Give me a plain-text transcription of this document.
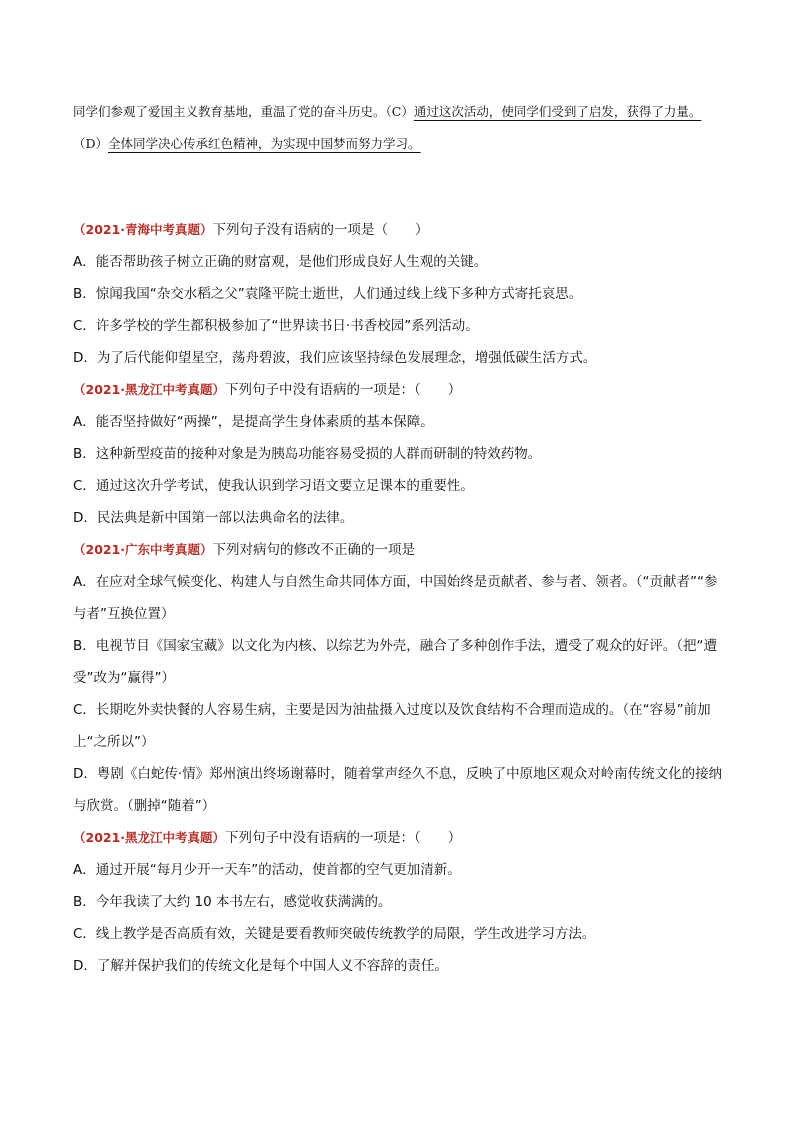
同学们参观了爱国主义教育基地，重温了党的奋斗历史。（C）通过这次活动，使同学们受到了启发，获得了力量。（D）全体同学决心传承红色精神，为实现中国梦而努力学习。

（2021·青海中考真题）下列句子没有语病的一项是（　　）

A．能否帮助孩子树立正确的财富观，是他们形成良好人生观的关键。

B．惊闻我国“杂交水稻之父”袁隆平院士逝世，人们通过线上线下多种方式寄托哀思。

C．许多学校的学生都积极参加了“世界读书日·书香校园”系列活动。

D．为了后代能仰望星空，荡舟碧波，我们应该坚持绿色发展理念，增强低碳生活方式。

（2021·黑龙江中考真题）下列句子中没有语病的一项是：（　　）

A．能否坚持做好“两操”，是提高学生身体素质的基本保障。

B．这种新型疫苗的接种对象是为胰岛功能容易受损的人群而研制的特效药物。

C．通过这次升学考试，使我认识到学习语文要立足课本的重要性。

D．民法典是新中国第一部以法典命名的法律。

（2021·广东中考真题）下列对病句的修改不正确的一项是

A．在应对全球气候变化、构建人与自然生命共同体方面，中国始终是贡献者、参与者、领者。（“贡献者”“参与者”互换位置）

B．电视节目《国家宝藏》以文化为内核、以综艺为外壳，融合了多种创作手法，遭受了观众的好评。（把“遭受”改为“赢得”）

C．长期吃外卖快餐的人容易生病，主要是因为油盐摄入过度以及饮食结构不合理而造成的。（在“容易”前加上“之所以”）

D．粤剧《白蛇传·情》郑州演出终场谢幕时，随着掌声经久不息，反映了中原地区观众对岭南传统文化的接纳与欣赏。（删掉“随着”）

（2021·黑龙江中考真题）下列句子中没有语病的一项是：（　　）

A．通过开展“每月少开一天车”的活动，使首都的空气更加清新。

B．今年我读了大约 10 本书左右，感觉收获满满的。

C．线上教学是否高质有效，关键是要看教师突破传统教学的局限，学生改进学习方法。

D．了解并保护我们的传统文化是每个中国人义不容辞的责任。
